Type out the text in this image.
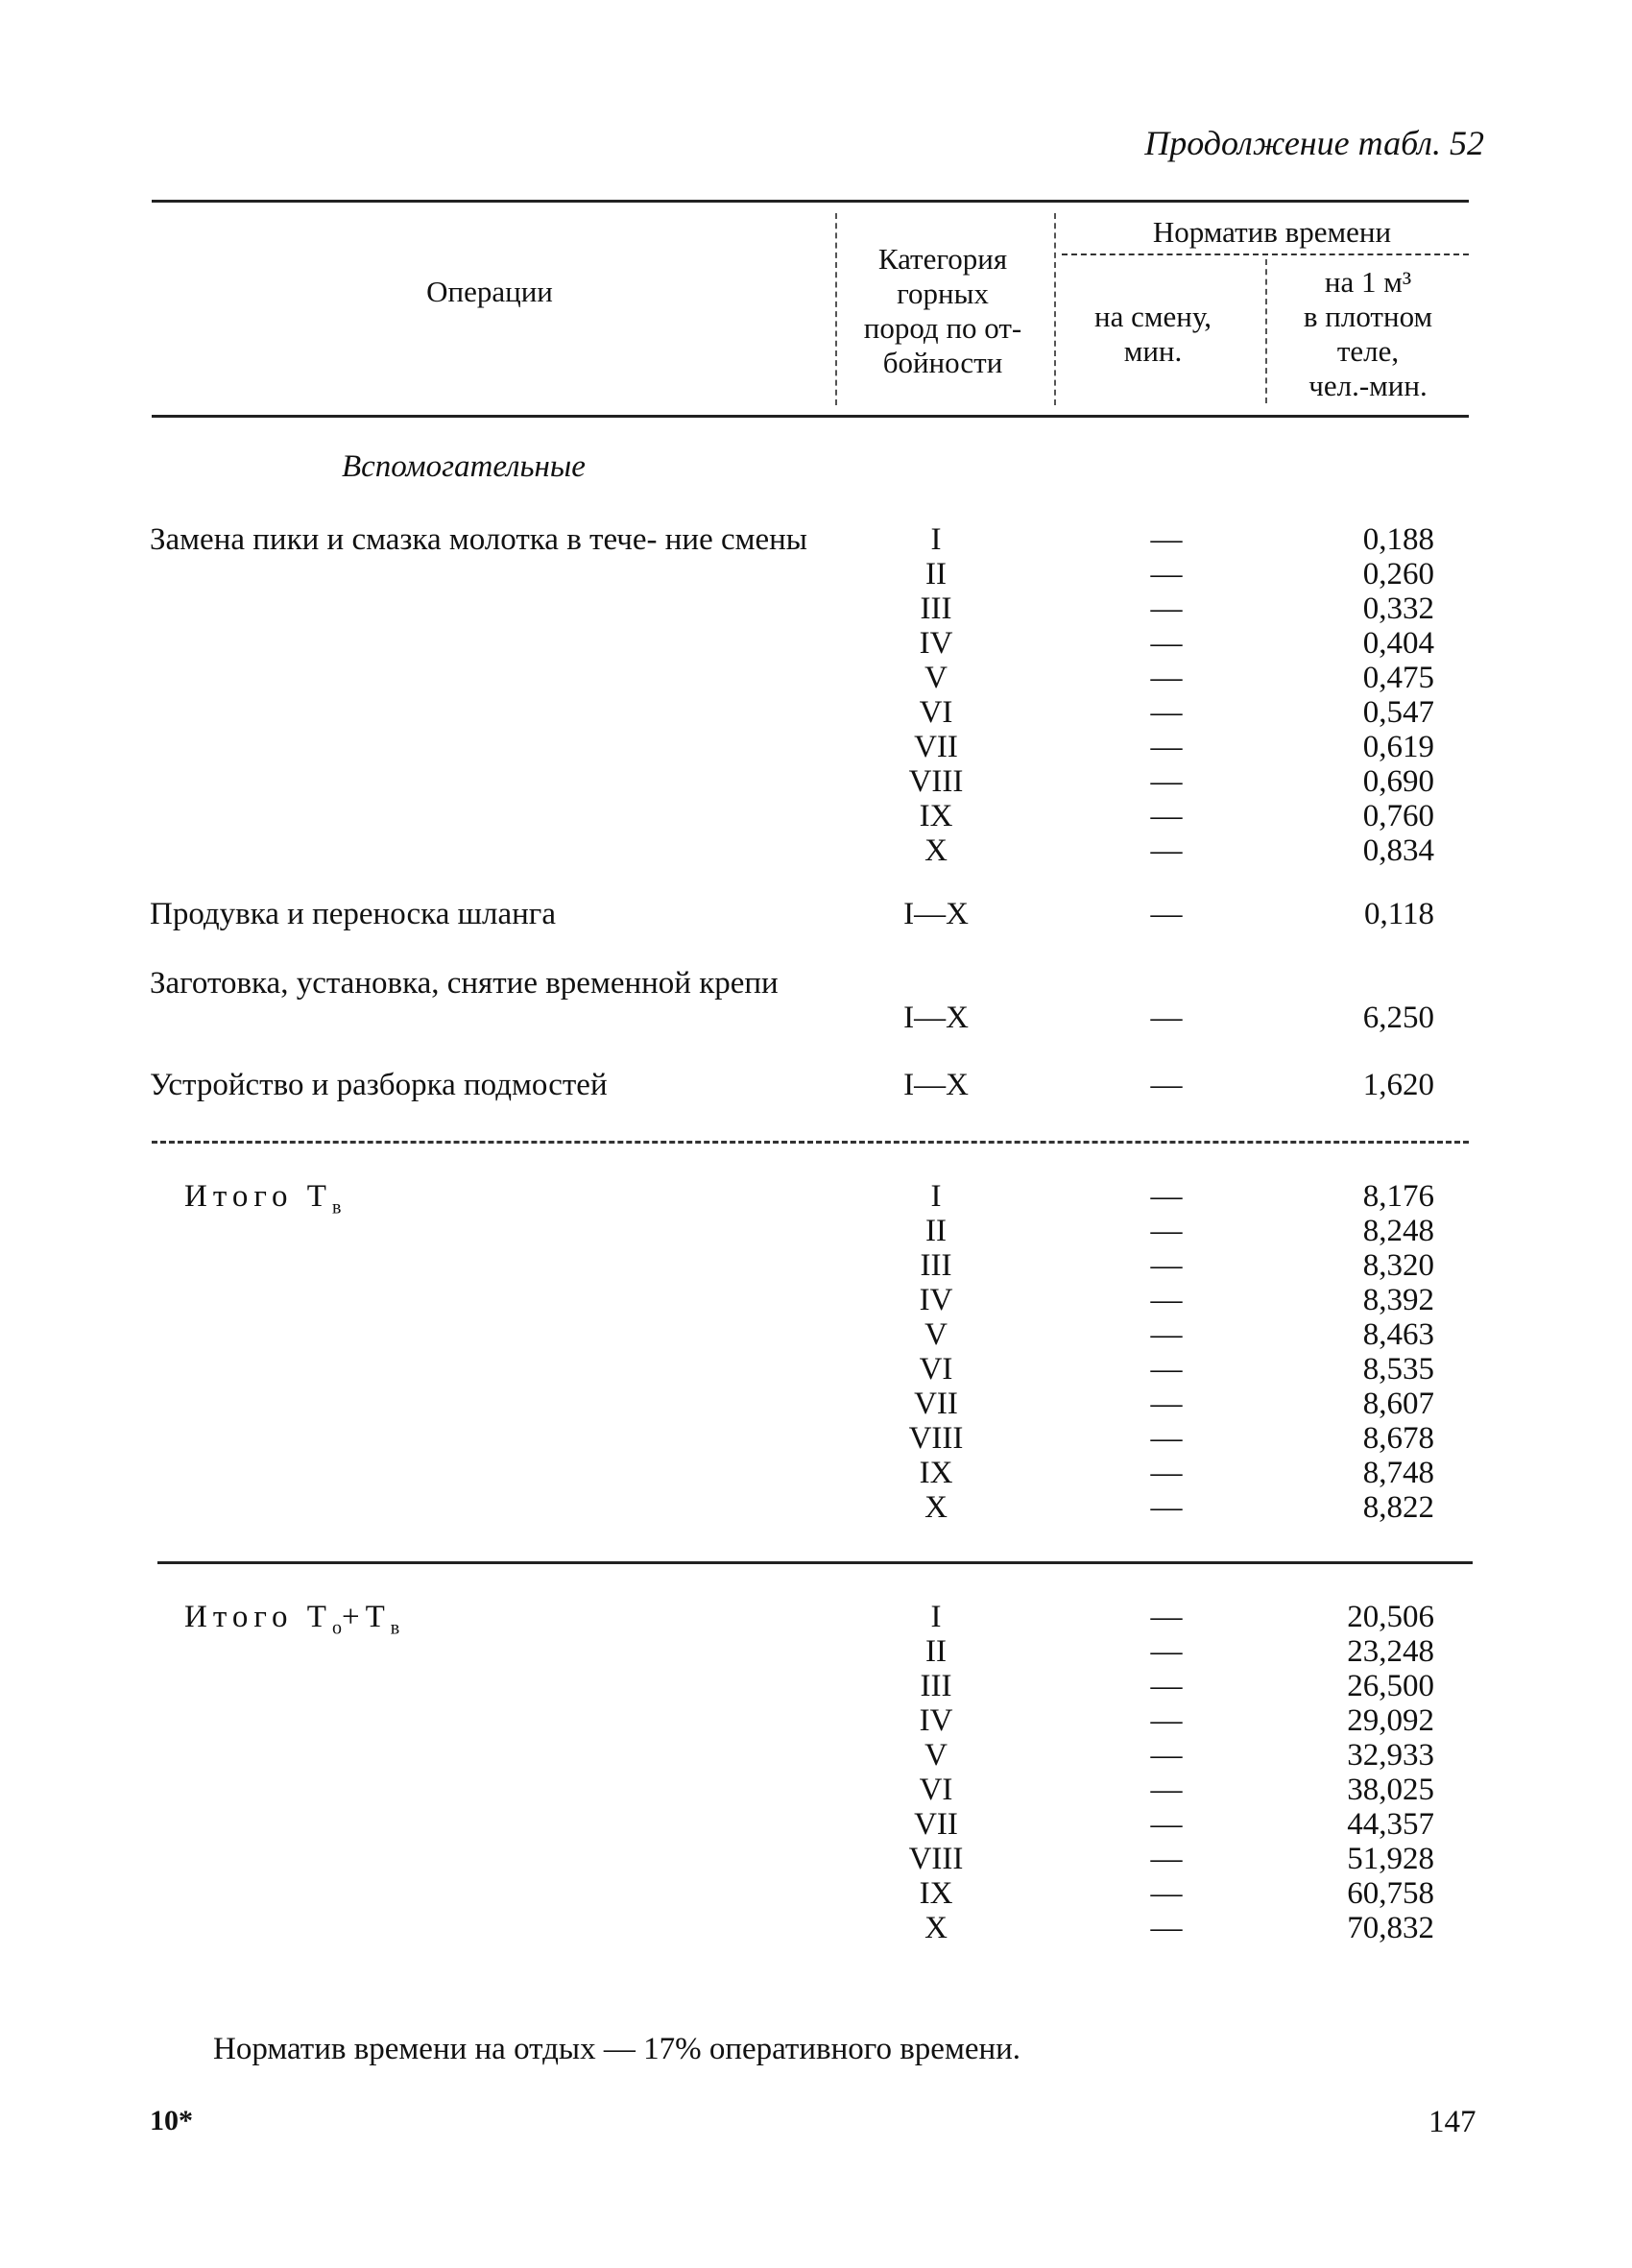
Продолжение табл. 52
Операции
Категория
горных
пород по от-
бойности
Норматив времени
на смену,
мин.
на 1 м³
в плотном
теле,
чел.-мин.
Вспомогательные
Замена пики и смазка молотка в тече- ние смены	I	—	0,188
II	—	0,260
III	—	0,332
IV	—	0,404
V	—	0,475
VI	—	0,547
VII	—	0,619
VIII	—	0,690
IX	—	0,760
X	—	0,834
Продувка и переноска шланга	I—X	—	0,118
Заготовка, установка, снятие временной крепи
I—X	—	6,250
Устройство и разборка подмостей	I—X	—	1,620
Итого $Т_в$	I	—	8,176
II	—	8,248
III	—	8,320
IV	—	8,392
V	—	8,463
VI	—	8,535
VII	—	8,607
VIII	—	8,678
IX	—	8,748
X	—	8,822
Итого $Т_о+Т_в$	I	—	20,506
II	—	23,248
III	—	26,500
IV	—	29,092
V	—	32,933
VI	—	38,025
VII	—	44,357
VIII	—	51,928
IX	—	60,758
X	—	70,832
Норматив времени на отдых — 17% оперативного времени.
10*	147
